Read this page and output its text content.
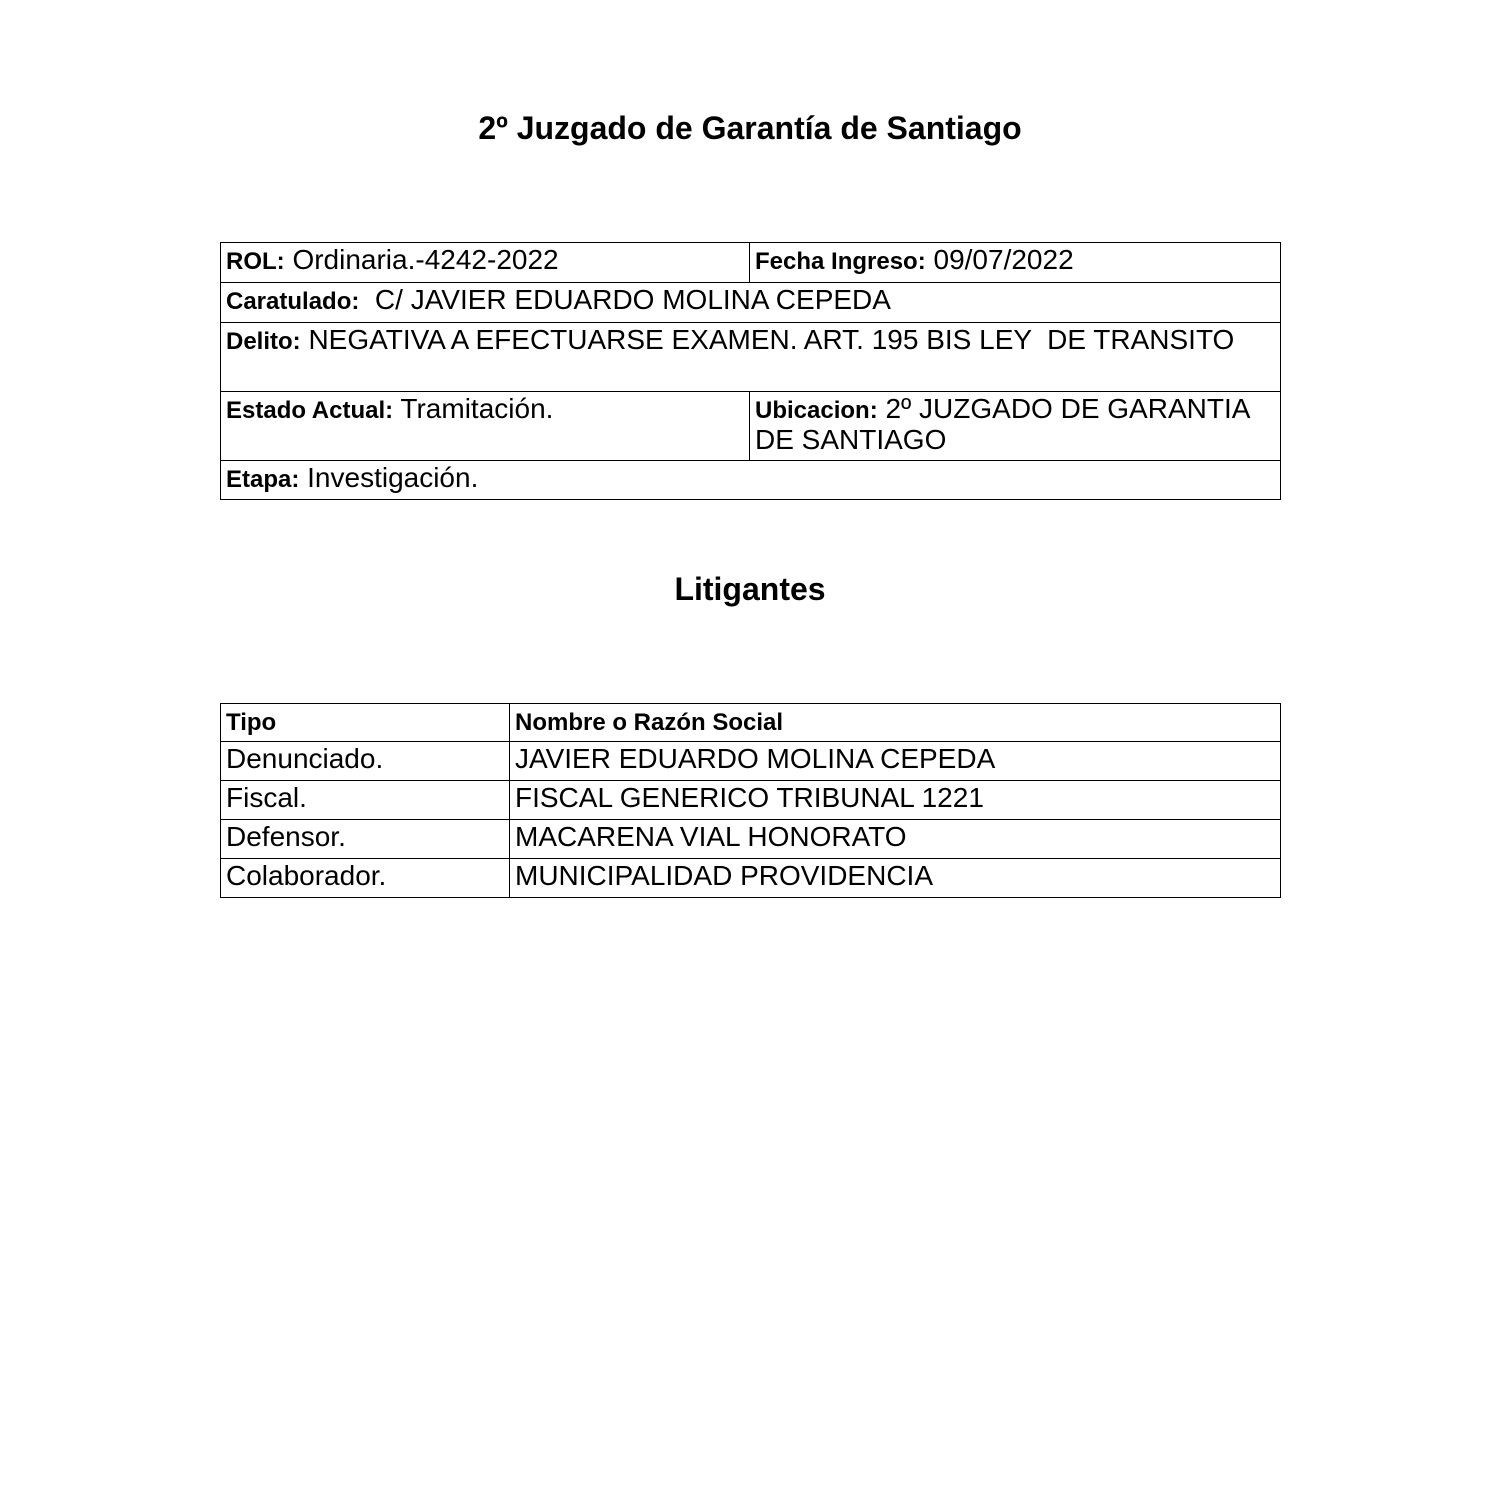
2º Juzgado de Garantía de Santiago
ROL: Ordinaria.-4242-2022	Fecha Ingreso: 09/07/2022
Caratulado: C/ JAVIER EDUARDO MOLINA CEPEDA	
Delito: NEGATIVA A EFECTUARSE EXAMEN. ART. 195 BIS LEY  DE TRANSITO	
Estado Actual: Tramitación.	Ubicacion: 2º JUZGADO DE GARANTIA DE SANTIAGO
Etapa: Investigación.	
Litigantes
Tipo	Nombre o Razón Social
Denunciado.	JAVIER EDUARDO MOLINA CEPEDA
Fiscal.	FISCAL GENERICO TRIBUNAL 1221
Defensor.	MACARENA VIAL HONORATO
Colaborador.	MUNICIPALIDAD PROVIDENCIA
